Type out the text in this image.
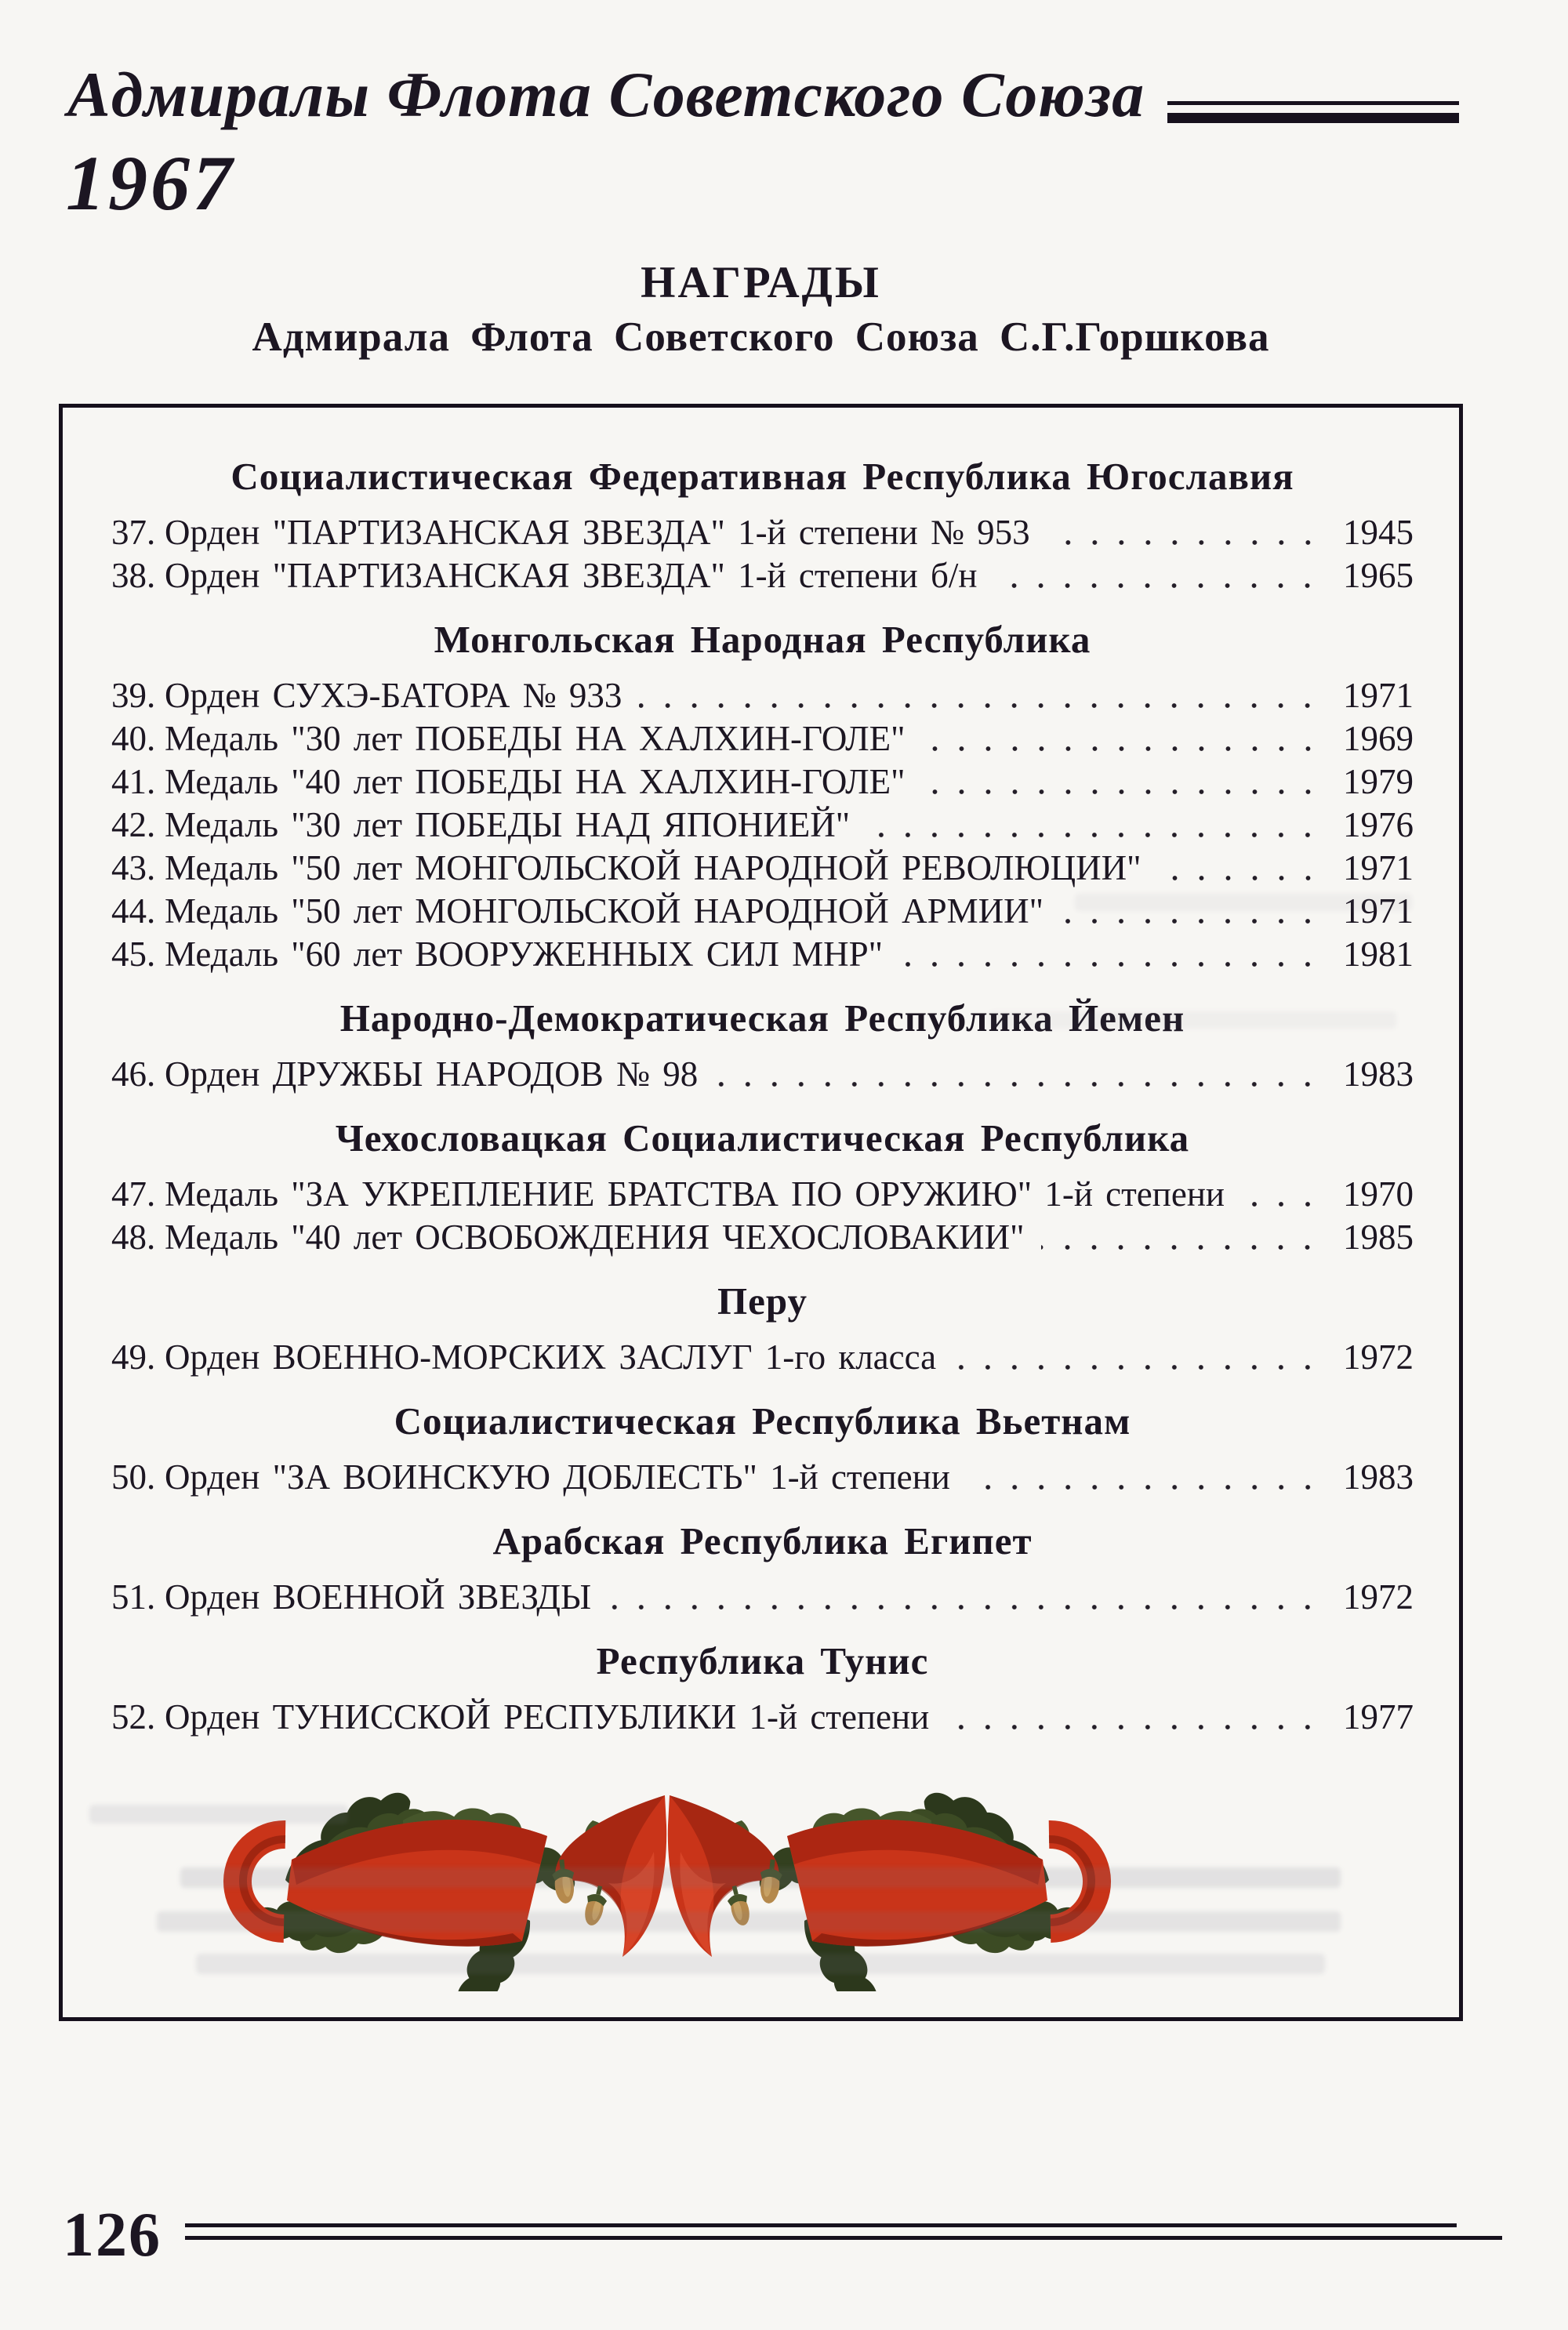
Адмиралы Флота Советского Союза
1967
НАГРАДЫ
Адмирала Флота Советского Союза С.Г.Горшкова
Социалистическая Федеративная Республика Югославия
37. Орден "ПАРТИЗАНСКАЯ ЗВЕЗДА" 1-й степени № 953	1945
38. Орден "ПАРТИЗАНСКАЯ ЗВЕЗДА" 1-й степени б/н	1965
Монгольская Народная Республика
39. Орден СУХЭ-БАТОРА № 933	1971
40. Медаль "30 лет ПОБЕДЫ НА ХАЛХИН-ГОЛЕ"	1969
41. Медаль "40 лет ПОБЕДЫ НА ХАЛХИН-ГОЛЕ"	1979
42. Медаль "30 лет ПОБЕДЫ НАД ЯПОНИЕЙ"	1976
43. Медаль "50 лет МОНГОЛЬСКОЙ НАРОДНОЙ РЕВОЛЮЦИИ"	1971
44. Медаль "50 лет МОНГОЛЬСКОЙ НАРОДНОЙ АРМИИ"	1971
45. Медаль "60 лет ВООРУЖЕННЫХ СИЛ МНР"	1981
Народно-Демократическая Республика Йемен
46. Орден ДРУЖБЫ НАРОДОВ № 98	1983
Чехословацкая Социалистическая Республика
47. Медаль "ЗА УКРЕПЛЕНИЕ БРАТСТВА ПО ОРУЖИЮ" 1-й степени	1970
48. Медаль "40 лет ОСВОБОЖДЕНИЯ ЧЕХОСЛОВАКИИ"	1985
Перу
49. Орден ВОЕННО-МОРСКИХ ЗАСЛУГ 1-го класса	1972
Социалистическая Республика Вьетнам
50. Орден "ЗА ВОИНСКУЮ ДОБЛЕСТЬ" 1-й степени	1983
Арабская Республика Египет
51. Орден ВОЕННОЙ ЗВЕЗДЫ	1972
Республика Тунис
52. Орден ТУНИССКОЙ РЕСПУБЛИКИ 1-й степени	1977
126
